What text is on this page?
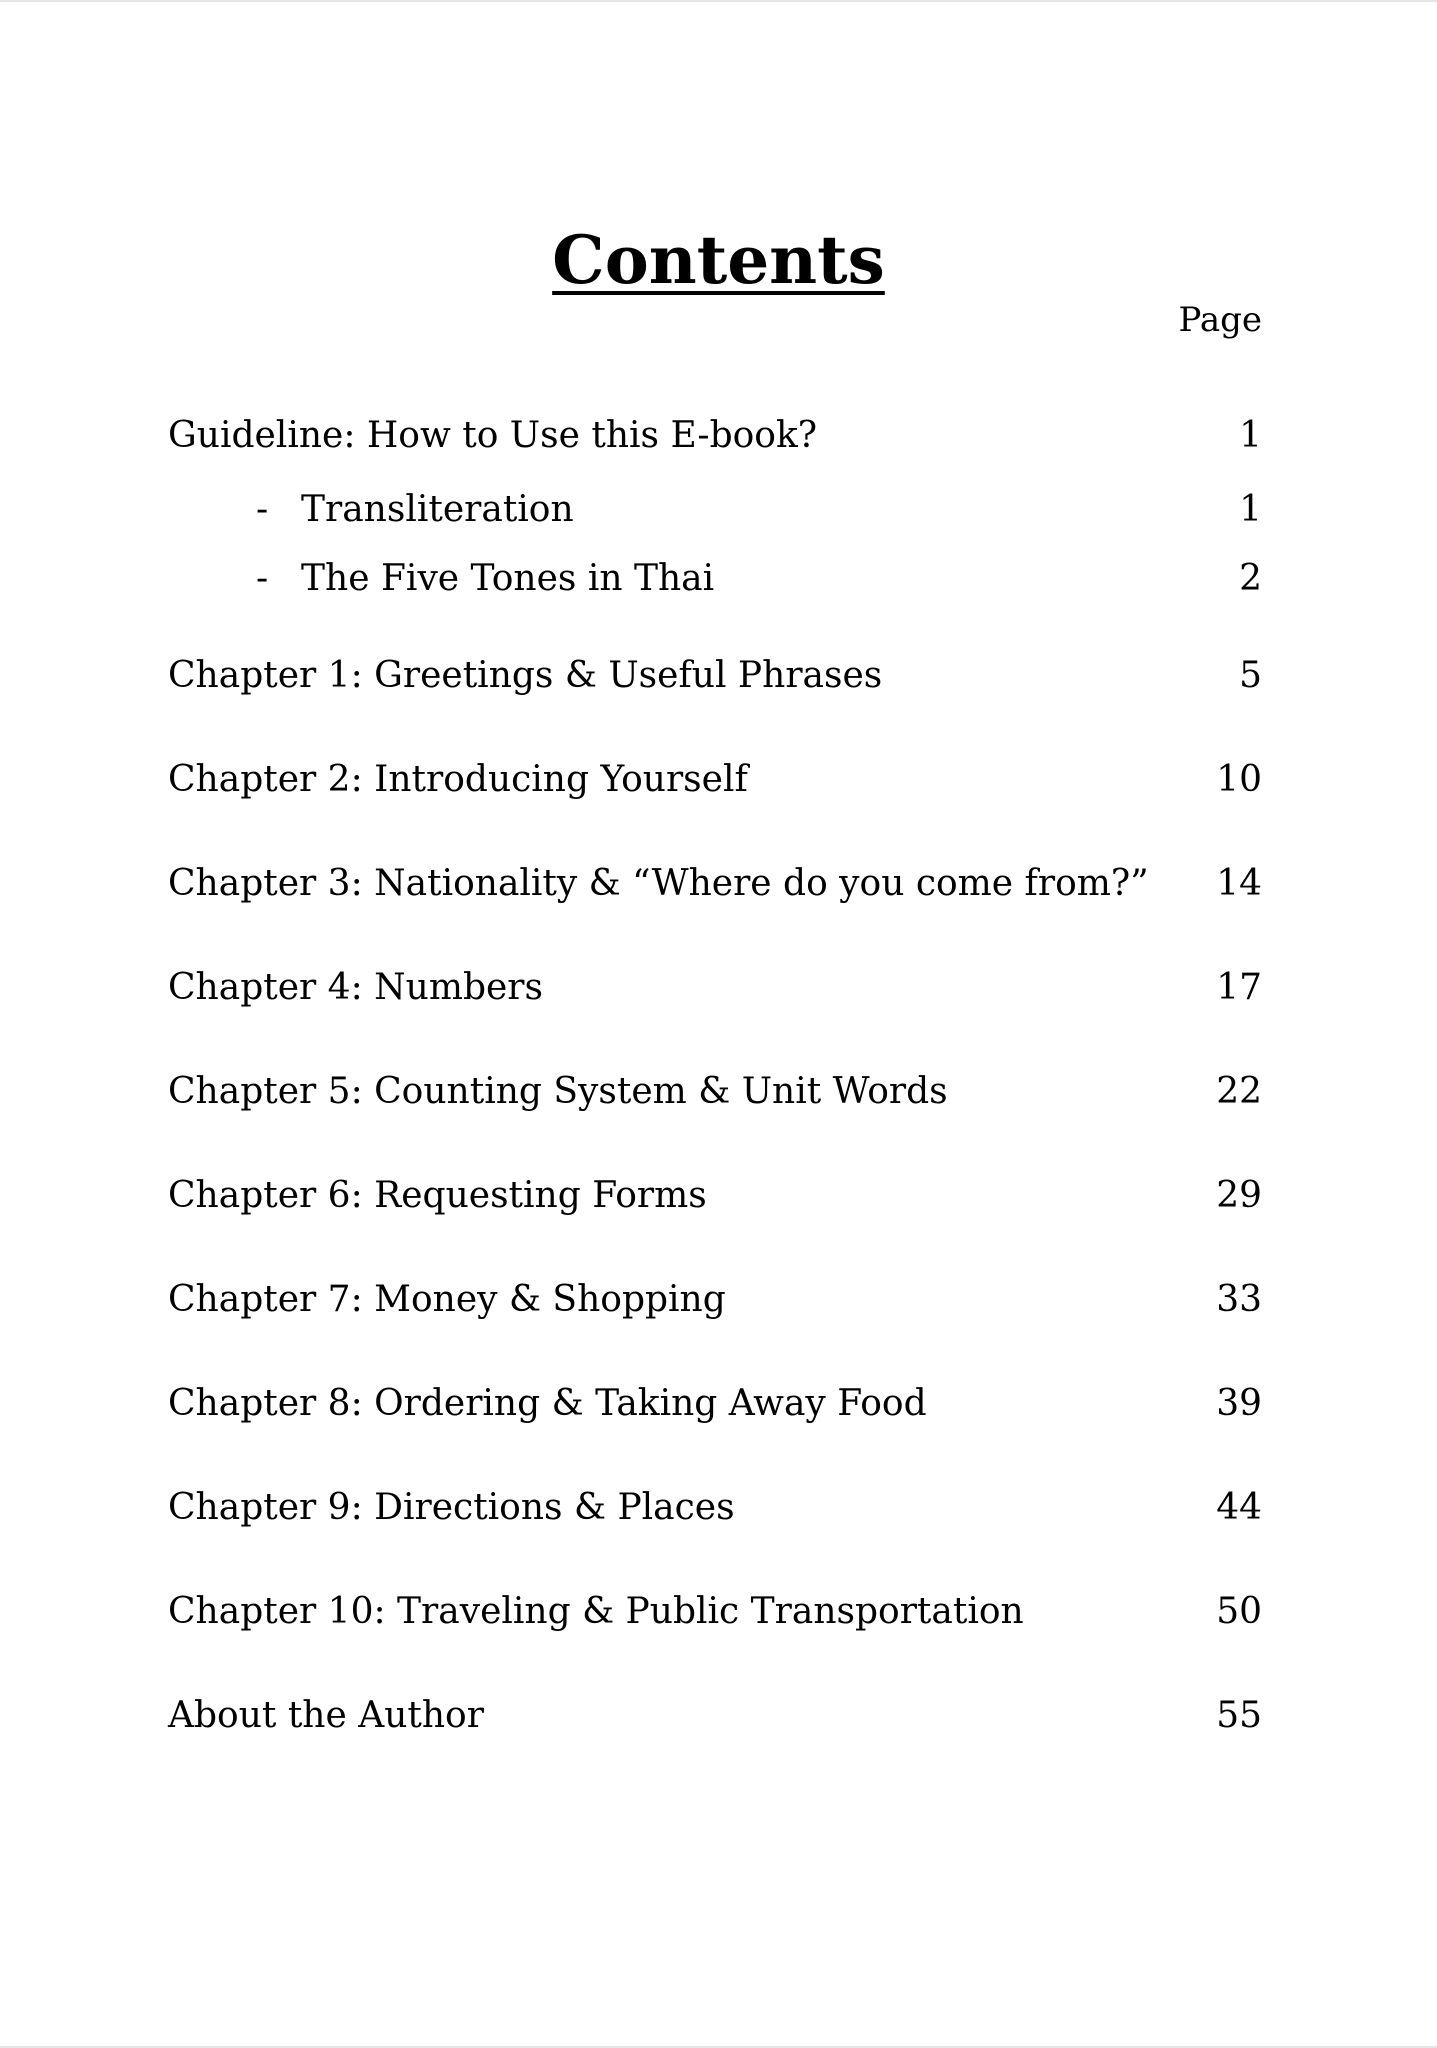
Contents
Page
Guideline: How to Use this E-book?	1
- Transliteration	1
- The Five Tones in Thai	2
Chapter 1: Greetings & Useful Phrases	5
Chapter 2: Introducing Yourself	10
Chapter 3: Nationality & “Where do you come from?” 14
Chapter 4: Numbers	17
Chapter 5: Counting System & Unit Words	22
Chapter 6: Requesting Forms	29
Chapter 7: Money & Shopping	33
Chapter 8: Ordering & Taking Away Food	39
Chapter 9: Directions & Places	44
Chapter 10: Traveling & Public Transportation	50
About the Author	55
